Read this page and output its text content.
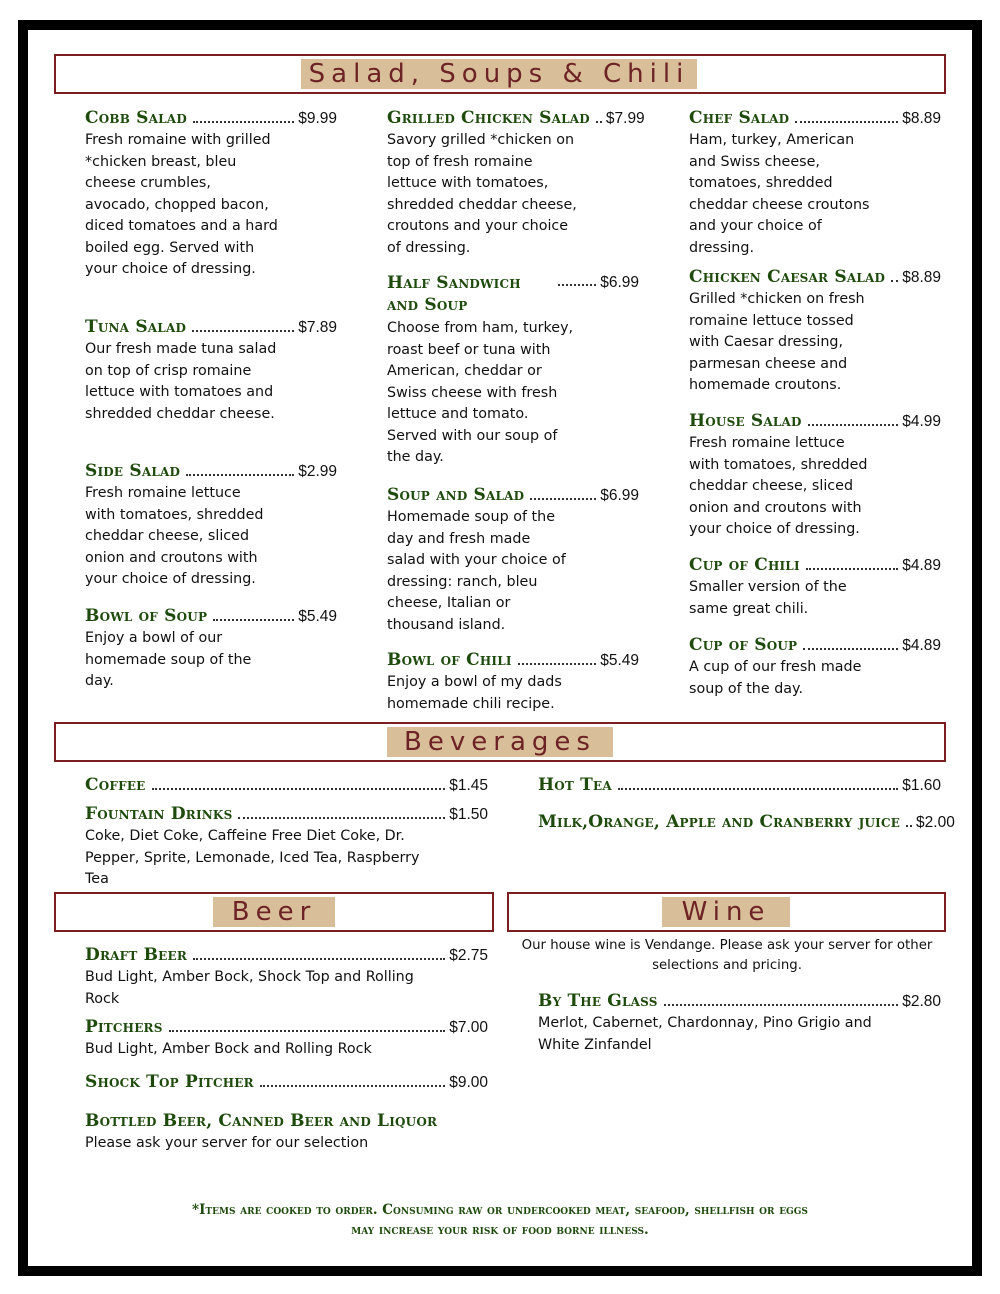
Salad, Soups & Chili
Beverages
Beer	Wine
Cobb Salad	$9.99
Fresh romaine with grilled *chicken breast, bleu cheese crumbles, avocado, chopped bacon, diced tomatoes and a hard boiled egg. Served with your choice of dressing.
Tuna Salad	$7.89
Our fresh made tuna salad on top of crisp romaine lettuce with tomatoes and shredded cheddar cheese.
Side Salad	$2.99
Fresh romaine lettuce with tomatoes, shredded cheddar cheese, sliced onion and croutons with your choice of dressing.
Bowl of Soup	$5.49
Enjoy a bowl of our homemade soup of the day.
Grilled Chicken Salad $7.99
Savory grilled *chicken on top of fresh romaine lettuce with tomatoes, shredded cheddar cheese, croutons and your choice of dressing.
Half Sandwich and Soup
$6.99
Choose from ham, turkey, roast beef or tuna with American, cheddar or Swiss cheese with fresh lettuce and tomato. Served with our soup of the day.
Soup and Salad	$6.99
Homemade soup of the day and fresh made salad with your choice of dressing: ranch, bleu cheese, Italian or thousand island.
Bowl of Chili	$5.49
Enjoy a bowl of my dads homemade chili recipe.
Chef Salad	$8.89
Ham, turkey, American and Swiss cheese, tomatoes, shredded cheddar cheese croutons and your choice of dressing.
Chicken Caesar Salad $8.89
Grilled *chicken on fresh romaine lettuce tossed with Caesar dressing, parmesan cheese and homemade croutons.
House Salad	$4.99
Fresh romaine lettuce with tomatoes, shredded cheddar cheese, sliced onion and croutons with your choice of dressing.
Cup of Chili	$4.89
Smaller version of the same great chili.
Cup of Soup	$4.89
A cup of our fresh made soup of the day.
Coffee	$1.45
Fountain Drinks	$1.50
Coke, Diet Coke, Caffeine Free Diet Coke, Dr. Pepper, Sprite, Lemonade, Iced Tea, Raspberry Tea
Hot Tea	$1.60
Milk,Orange, Apple and Cranberry juice $2.00
Draft Beer	$2.75
Bud Light, Amber Bock, Shock Top and Rolling Rock
Pitchers	$7.00
Bud Light, Amber Bock and Rolling Rock
Shock Top Pitcher	$9.00
Bottled Beer, Canned Beer and Liquor
Please ask your server for our selection
Our house wine is Vendange. Please ask your server for other selections and pricing.
By The Glass	$2.80
Merlot, Cabernet, Chardonnay, Pino Grigio and White Zinfandel
*Items are cooked to order. Consuming raw or undercooked meat, seafood, shellfish or eggs
may increase your risk of food borne illness.
